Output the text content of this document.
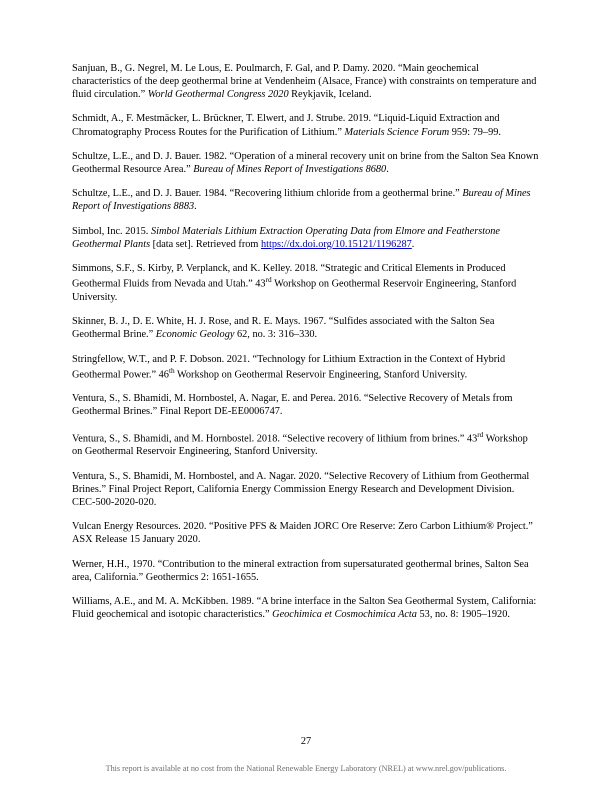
Sanjuan, B., G. Negrel, M. Le Lous, E. Poulmarch, F. Gal, and P. Damy. 2020. “Main geochemical characteristics of the deep geothermal brine at Vendenheim (Alsace, France) with constraints on temperature and fluid circulation.” World Geothermal Congress 2020 Reykjavik, Iceland.

Schmidt, A., F. Mestmäcker, L. Brückner, T. Elwert, and J. Strube. 2019. “Liquid-Liquid Extraction and Chromatography Process Routes for the Purification of Lithium.” Materials Science Forum 959: 79–99.

Schultze, L.E., and D. J. Bauer. 1982. “Operation of a mineral recovery unit on brine from the Salton Sea Known Geothermal Resource Area.” Bureau of Mines Report of Investigations 8680.

Schultze, L.E., and D. J. Bauer. 1984. “Recovering lithium chloride from a geothermal brine.” Bureau of Mines Report of Investigations 8883.

Simbol, Inc. 2015. Simbol Materials Lithium Extraction Operating Data from Elmore and Featherstone Geothermal Plants [data set]. Retrieved from https://dx.doi.org/10.15121/1196287.

Simmons, S.F., S. Kirby, P. Verplanck, and K. Kelley. 2018. “Strategic and Critical Elements in Produced Geothermal Fluids from Nevada and Utah.” 43rd Workshop on Geothermal Reservoir Engineering, Stanford University.

Skinner, B. J., D. E. White, H. J. Rose, and R. E. Mays. 1967. “Sulfides associated with the Salton Sea Geothermal Brine.” Economic Geology 62, no. 3: 316–330.

Stringfellow, W.T., and P. F. Dobson. 2021. “Technology for Lithium Extraction in the Context of Hybrid Geothermal Power.” 46th Workshop on Geothermal Reservoir Engineering, Stanford University.

Ventura, S., S. Bhamidi, M. Hornbostel, A. Nagar, E. and Perea. 2016. “Selective Recovery of Metals from Geothermal Brines.” Final Report DE-EE0006747.

Ventura, S., S. Bhamidi, and M. Hornbostel. 2018. “Selective recovery of lithium from brines.” 43rd Workshop on Geothermal Reservoir Engineering, Stanford University.

Ventura, S., S. Bhamidi, M. Hornbostel, and A. Nagar. 2020. “Selective Recovery of Lithium from Geothermal Brines.” Final Project Report, California Energy Commission Energy Research and Development Division. CEC-500-2020-020.

Vulcan Energy Resources. 2020. “Positive PFS & Maiden JORC Ore Reserve: Zero Carbon Lithium® Project.” ASX Release 15 January 2020.

Werner, H.H., 1970. “Contribution to the mineral extraction from supersaturated geothermal brines, Salton Sea area, California.” Geothermics 2: 1651-1655.

Williams, A.E., and M. A. McKibben. 1989. “A brine interface in the Salton Sea Geothermal System, California: Fluid geochemical and isotopic characteristics.” Geochimica et Cosmochimica Acta 53, no. 8: 1905–1920.

27
This report is available at no cost from the National Renewable Energy Laboratory (NREL) at www.nrel.gov/publications.
